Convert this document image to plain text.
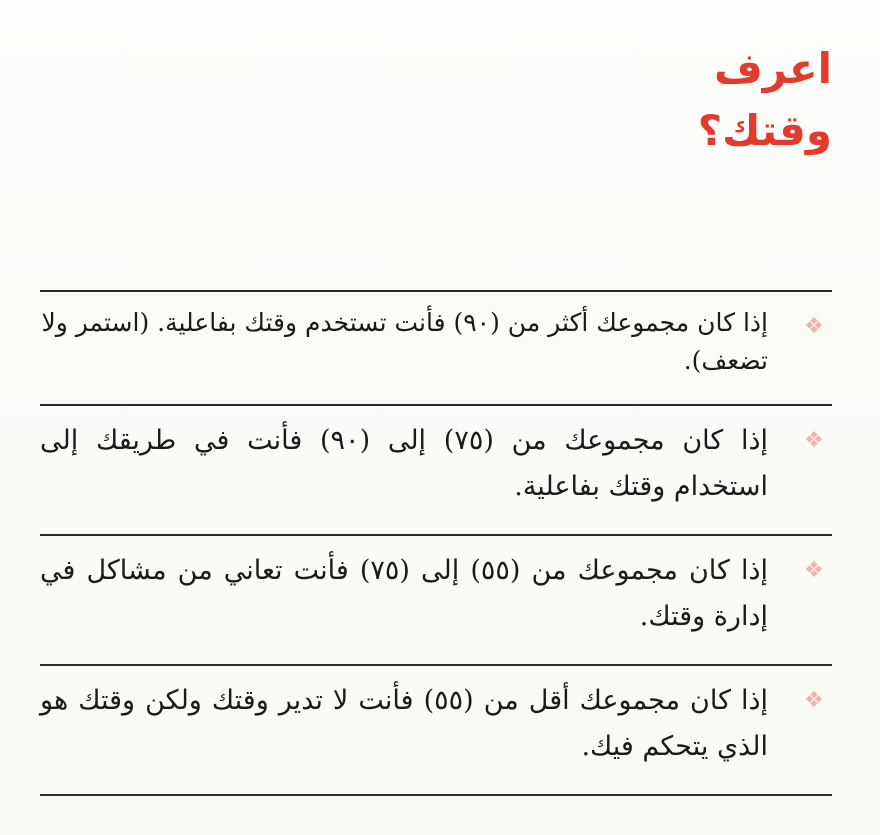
اعرف
وقتك؟
❖
إذا كان مجموعك أكثر من (٩٠) فأنت تستخدم وقتك بفاعلية. (استمر ولا تضعف).
❖
إذا كان مجموعك من (٧٥) إلى (٩٠) فأنت في طريقك إلى استخدام وقتك بفاعلية.
❖
إذا كان مجموعك من (٥٥) إلى (٧٥) فأنت تعاني من مشاكل في إدارة وقتك.
❖
إذا كان مجموعك أقل من (٥٥) فأنت لا تدير وقتك ولكن وقتك هو الذي يتحكم فيك.
